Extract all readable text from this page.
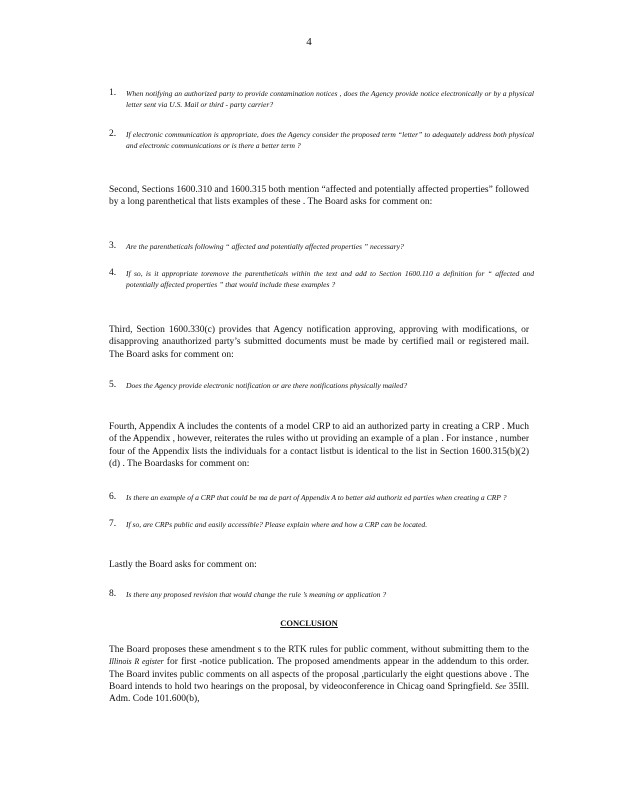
4
1. When notifying an authorized party to provide contamination notices , does the Agency provide notice electronically or by a physical letter sent via U.S. Mail or third - party carrier?
2. If electronic communication is appropriate, does the Agency consider the proposed term “letter” to adequately address both physical and electronic communications or is there a better term ?
Second, Sections 1600.310 and 1600.315 both mention “affected and potentially affected properties” followed by a long parenthetical that lists examples of these . The Board asks for comment on:
3. Are the parentheticals following “ affected and potentially affected properties ” necessary?
4. If so, is it appropriate toremove the parentheticals within the text and add to Section 1600.110 a definition for “ affected and potentially affected properties ” that would include these examples ?
Third, Section 1600.330(c) provides that Agency notification approving, approving with modifications, or disapproving anauthorized party’s submitted documents must be made by certified mail or registered mail. The Board asks for comment on:
5. Does the Agency provide electronic notification or are there notifications physically mailed?
Fourth, Appendix A includes the contents of a model CRP to aid an authorized party in creating a CRP . Much of the Appendix , however, reiterates the rules witho ut providing an example of a plan . For instance , number four of the Appendix lists the individuals for a contact listbut is identical to the list in Section 1600.315(b)(2)(d) . The Boardasks for comment on:
6. Is there an example of a CRP that could be ma de part of Appendix A to better aid authoriz ed parties when creating a CRP ?
7. If so, are CRPs public and easily accessible? Please explain where and how a CRP can be located.
Lastly the Board asks for comment on:
8. Is there any proposed revision that would change the rule ’s meaning or application ?
CONCLUSION
The Board proposes these amendment s to the RTK rules for public comment, without submitting them to the Illinois R egister for first -notice publication. The proposed amendments appear in the addendum to this order. The Board invites public comments on all aspects of the proposal ,particularly the eight questions above . The Board intends to hold two hearings on the proposal, by videoconference in Chicag oand Springfield. See 35Ill. Adm. Code 101.600(b),
